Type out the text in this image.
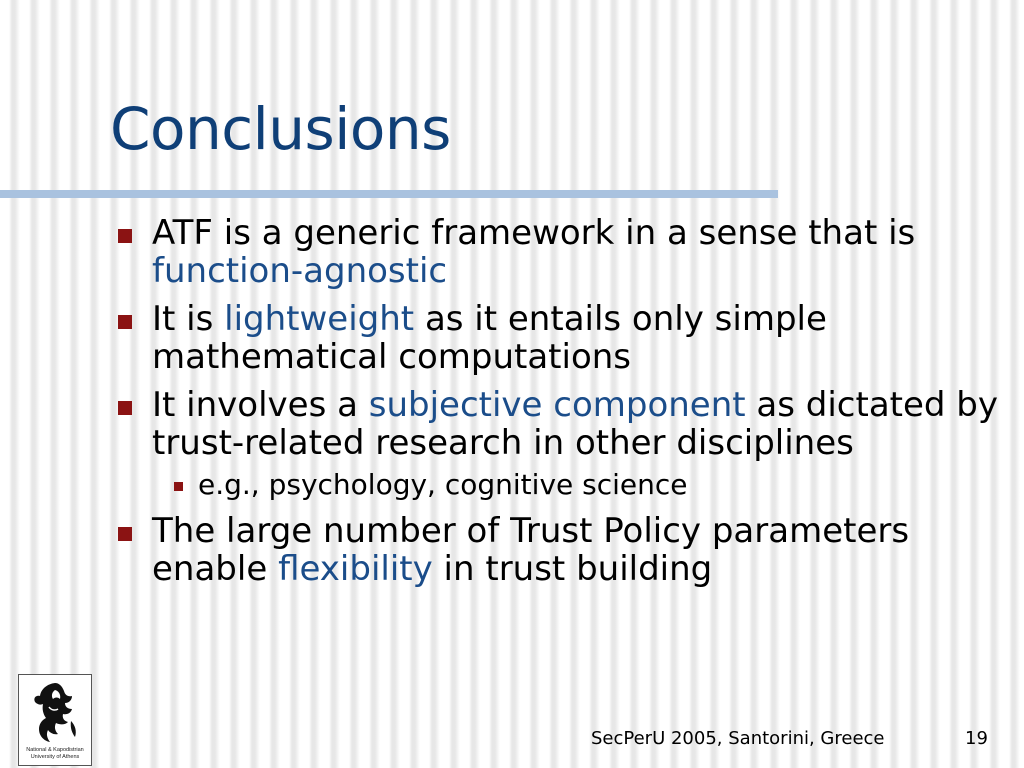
Conclusions
ATF is a generic framework in a sense that is function-agnostic
It is lightweight as it entails only simple mathematical computations
It involves a subjective component as dictated by trust-related research in other disciplines
e.g., psychology, cognitive science
The large number of Trust Policy parameters enable flexibility in trust building
National & Kapodistrian
University of Athens
SecPerU 2005, Santorini, Greece	19
